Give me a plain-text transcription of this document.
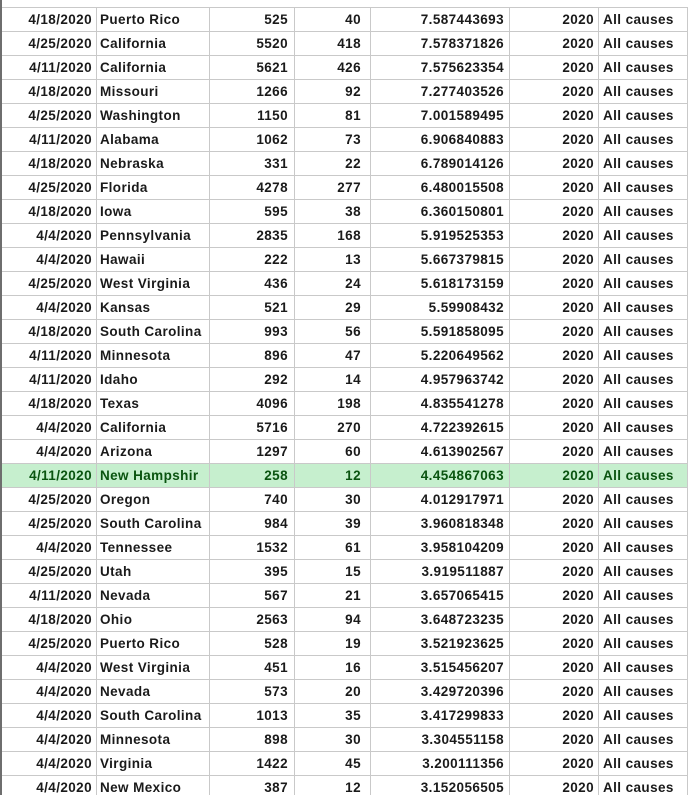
4/18/2020 Puerto Rico	525	40	7.587443693	2020 All causes
4/25/2020 California	5520	418	7.578371826	2020 All causes
4/11/2020 California	5621	426	7.575623354	2020 All causes
4/18/2020 Missouri	1266	92	7.277403526	2020 All causes
4/25/2020 Washington	1150	81	7.001589495	2020 All causes
4/11/2020 Alabama	1062	73	6.906840883	2020 All causes
4/18/2020 Nebraska	331	22	6.789014126	2020 All causes
4/25/2020 Florida	4278	277	6.480015508	2020 All causes
4/18/2020 Iowa	595	38	6.360150801	2020 All causes
4/4/2020 Pennsylvania	2835	168	5.919525353	2020 All causes
4/4/2020 Hawaii	222	13	5.667379815	2020 All causes
4/25/2020 West Virginia	436	24	5.618173159	2020 All causes
4/4/2020 Kansas	521	29	5.59908432	2020 All causes
4/18/2020 South Carolina	993	56	5.591858095	2020 All causes
4/11/2020 Minnesota	896	47	5.220649562	2020 All causes
4/11/2020 Idaho	292	14	4.957963742	2020 All causes
4/18/2020 Texas	4096	198	4.835541278	2020 All causes
4/4/2020 California	5716	270	4.722392615	2020 All causes
4/4/2020 Arizona	1297	60	4.613902567	2020 All causes
4/11/2020 New Hampshir	258	12	4.454867063	2020 All causes
4/25/2020 Oregon	740	30	4.012917971	2020 All causes
4/25/2020 South Carolina	984	39	3.960818348	2020 All causes
4/4/2020 Tennessee	1532	61	3.958104209	2020 All causes
4/25/2020 Utah	395	15	3.919511887	2020 All causes
4/11/2020 Nevada	567	21	3.657065415	2020 All causes
4/18/2020 Ohio	2563	94	3.648723235	2020 All causes
4/25/2020 Puerto Rico	528	19	3.521923625	2020 All causes
4/4/2020 West Virginia	451	16	3.515456207	2020 All causes
4/4/2020 Nevada	573	20	3.429720396	2020 All causes
4/4/2020 South Carolina	1013	35	3.417299833	2020 All causes
4/4/2020 Minnesota	898	30	3.304551158	2020 All causes
4/4/2020 Virginia	1422	45	3.200111356	2020 All causes
4/4/2020 New Mexico	387	12	3.152056505	2020 All causes
